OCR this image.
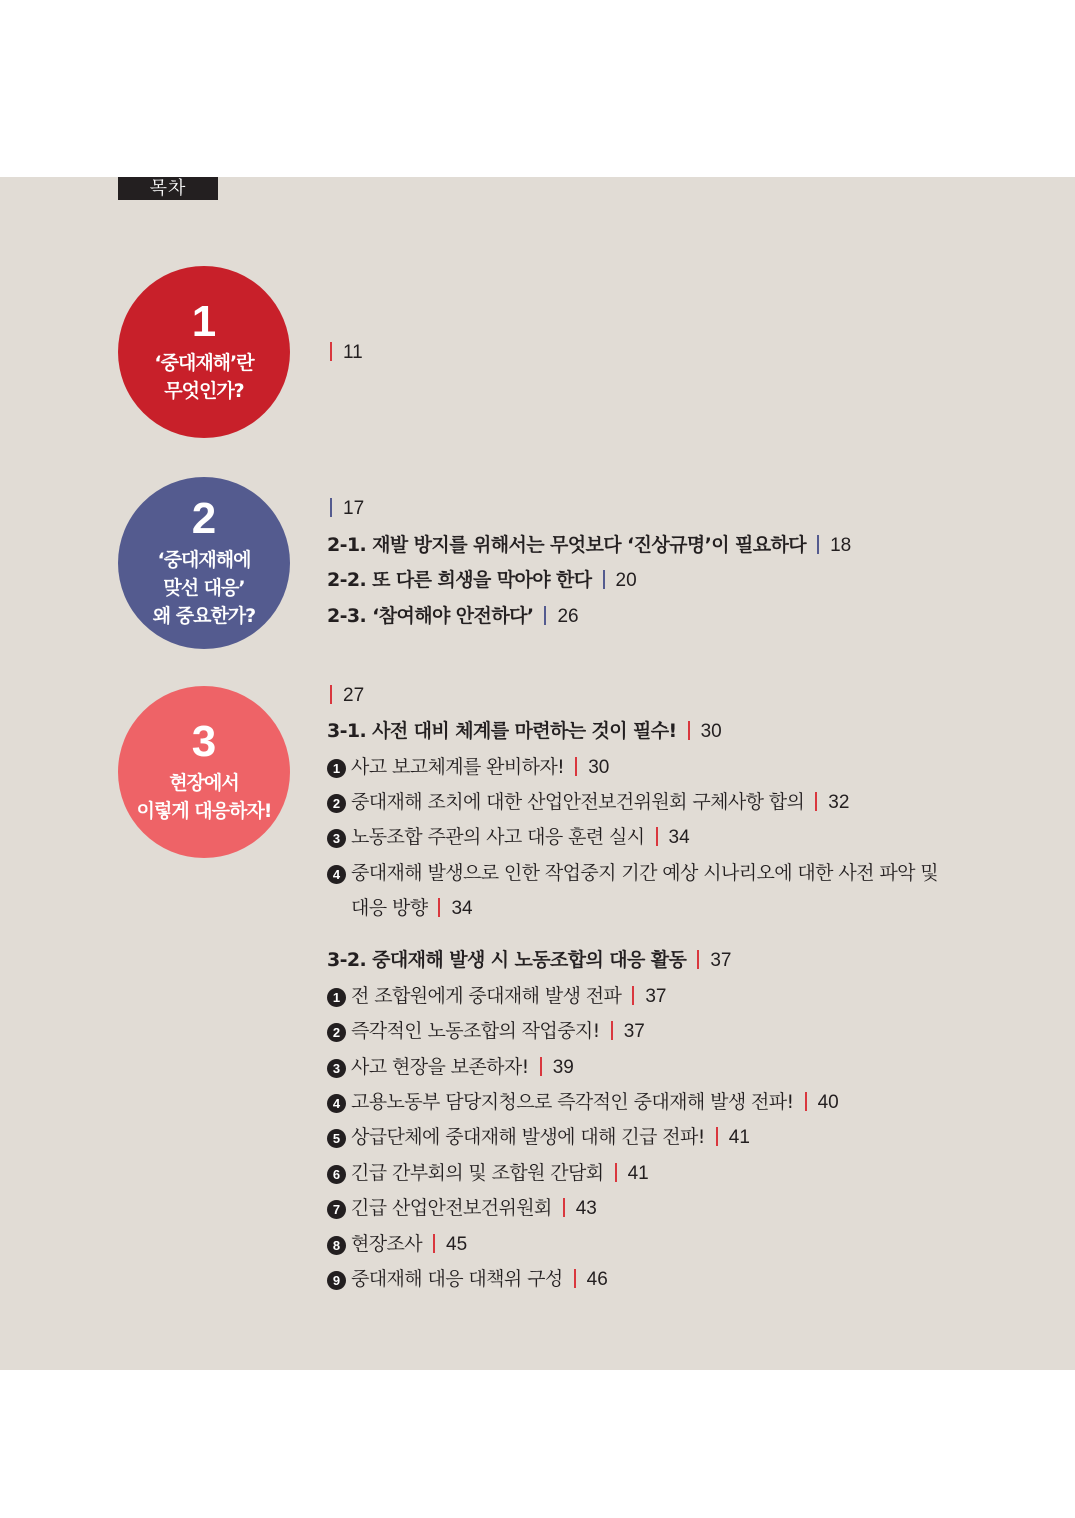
목차
1
‘중대재해’란
무엇인가?
11
2
‘중대재해에
맞선 대응’
왜 중요한가?
17
2-1. 재발 방지를 위해서는 무엇보다 ‘진상규명’이 필요하다 18
2-2. 또 다른 희생을 막아야 한다 20
2-3. ‘참여해야 안전하다’ 26
3
현장에서
이렇게 대응하자!
27
3-1. 사전 대비 체계를 마련하는 것이 필수! 30
1 사고 보고체계를 완비하자! 30
2 중대재해 조치에 대한 산업안전보건위원회 구체사항 합의 32
3 노동조합 주관의 사고 대응 훈련 실시 34
4 중대재해 발생으로 인한 작업중지 기간 예상 시나리오에 대한 사전 파악 및
대응 방향 34
3-2. 중대재해 발생 시 노동조합의 대응 활동 37
1 전 조합원에게 중대재해 발생 전파 37
2 즉각적인 노동조합의 작업중지! 37
3 사고 현장을 보존하자! 39
4 고용노동부 담당지청으로 즉각적인 중대재해 발생 전파! 40
5 상급단체에 중대재해 발생에 대해 긴급 전파! 41
6 긴급 간부회의 및 조합원 간담회 41
7 긴급 산업안전보건위원회 43
8 현장조사 45
9 중대재해 대응 대책위 구성 46
